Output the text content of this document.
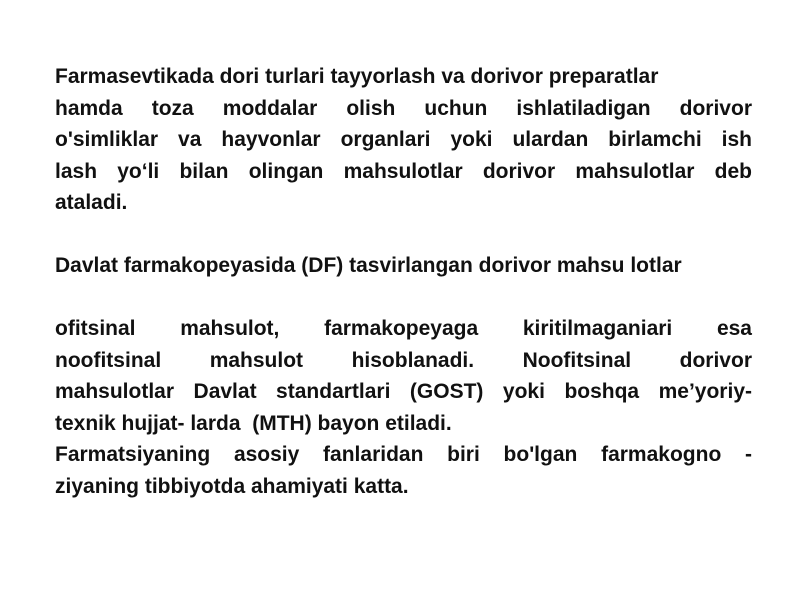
Farmasevtikada dori turlari tayyorlash va dorivor preparatlar
hamda toza moddalar olish uchun ishlatiladigan dorivor
o'simliklar va hayvonlar organlari yoki ulardan birlamchi ish
lash yo‘li bilan olingan mahsulotlar dorivor mahsulotlar deb
ataladi.
Davlat farmakopeyasida (DF) tasvirlangan dorivor mahsu lotlar
ofitsinal mahsulot, farmakopeyaga kiritilmaganiari esa
noofitsinal mahsulot hisoblanadi. Noofitsinal dorivor
mahsulotlar Davlat standartlari (GOST) yoki boshqa me’yoriy-
texnik hujjat- larda  (MTH) bayon etiladi.
Farmatsiyaning asosiy fanlaridan biri bo'lgan farmakogno -
ziyaning tibbiyotda ahamiyati katta.
